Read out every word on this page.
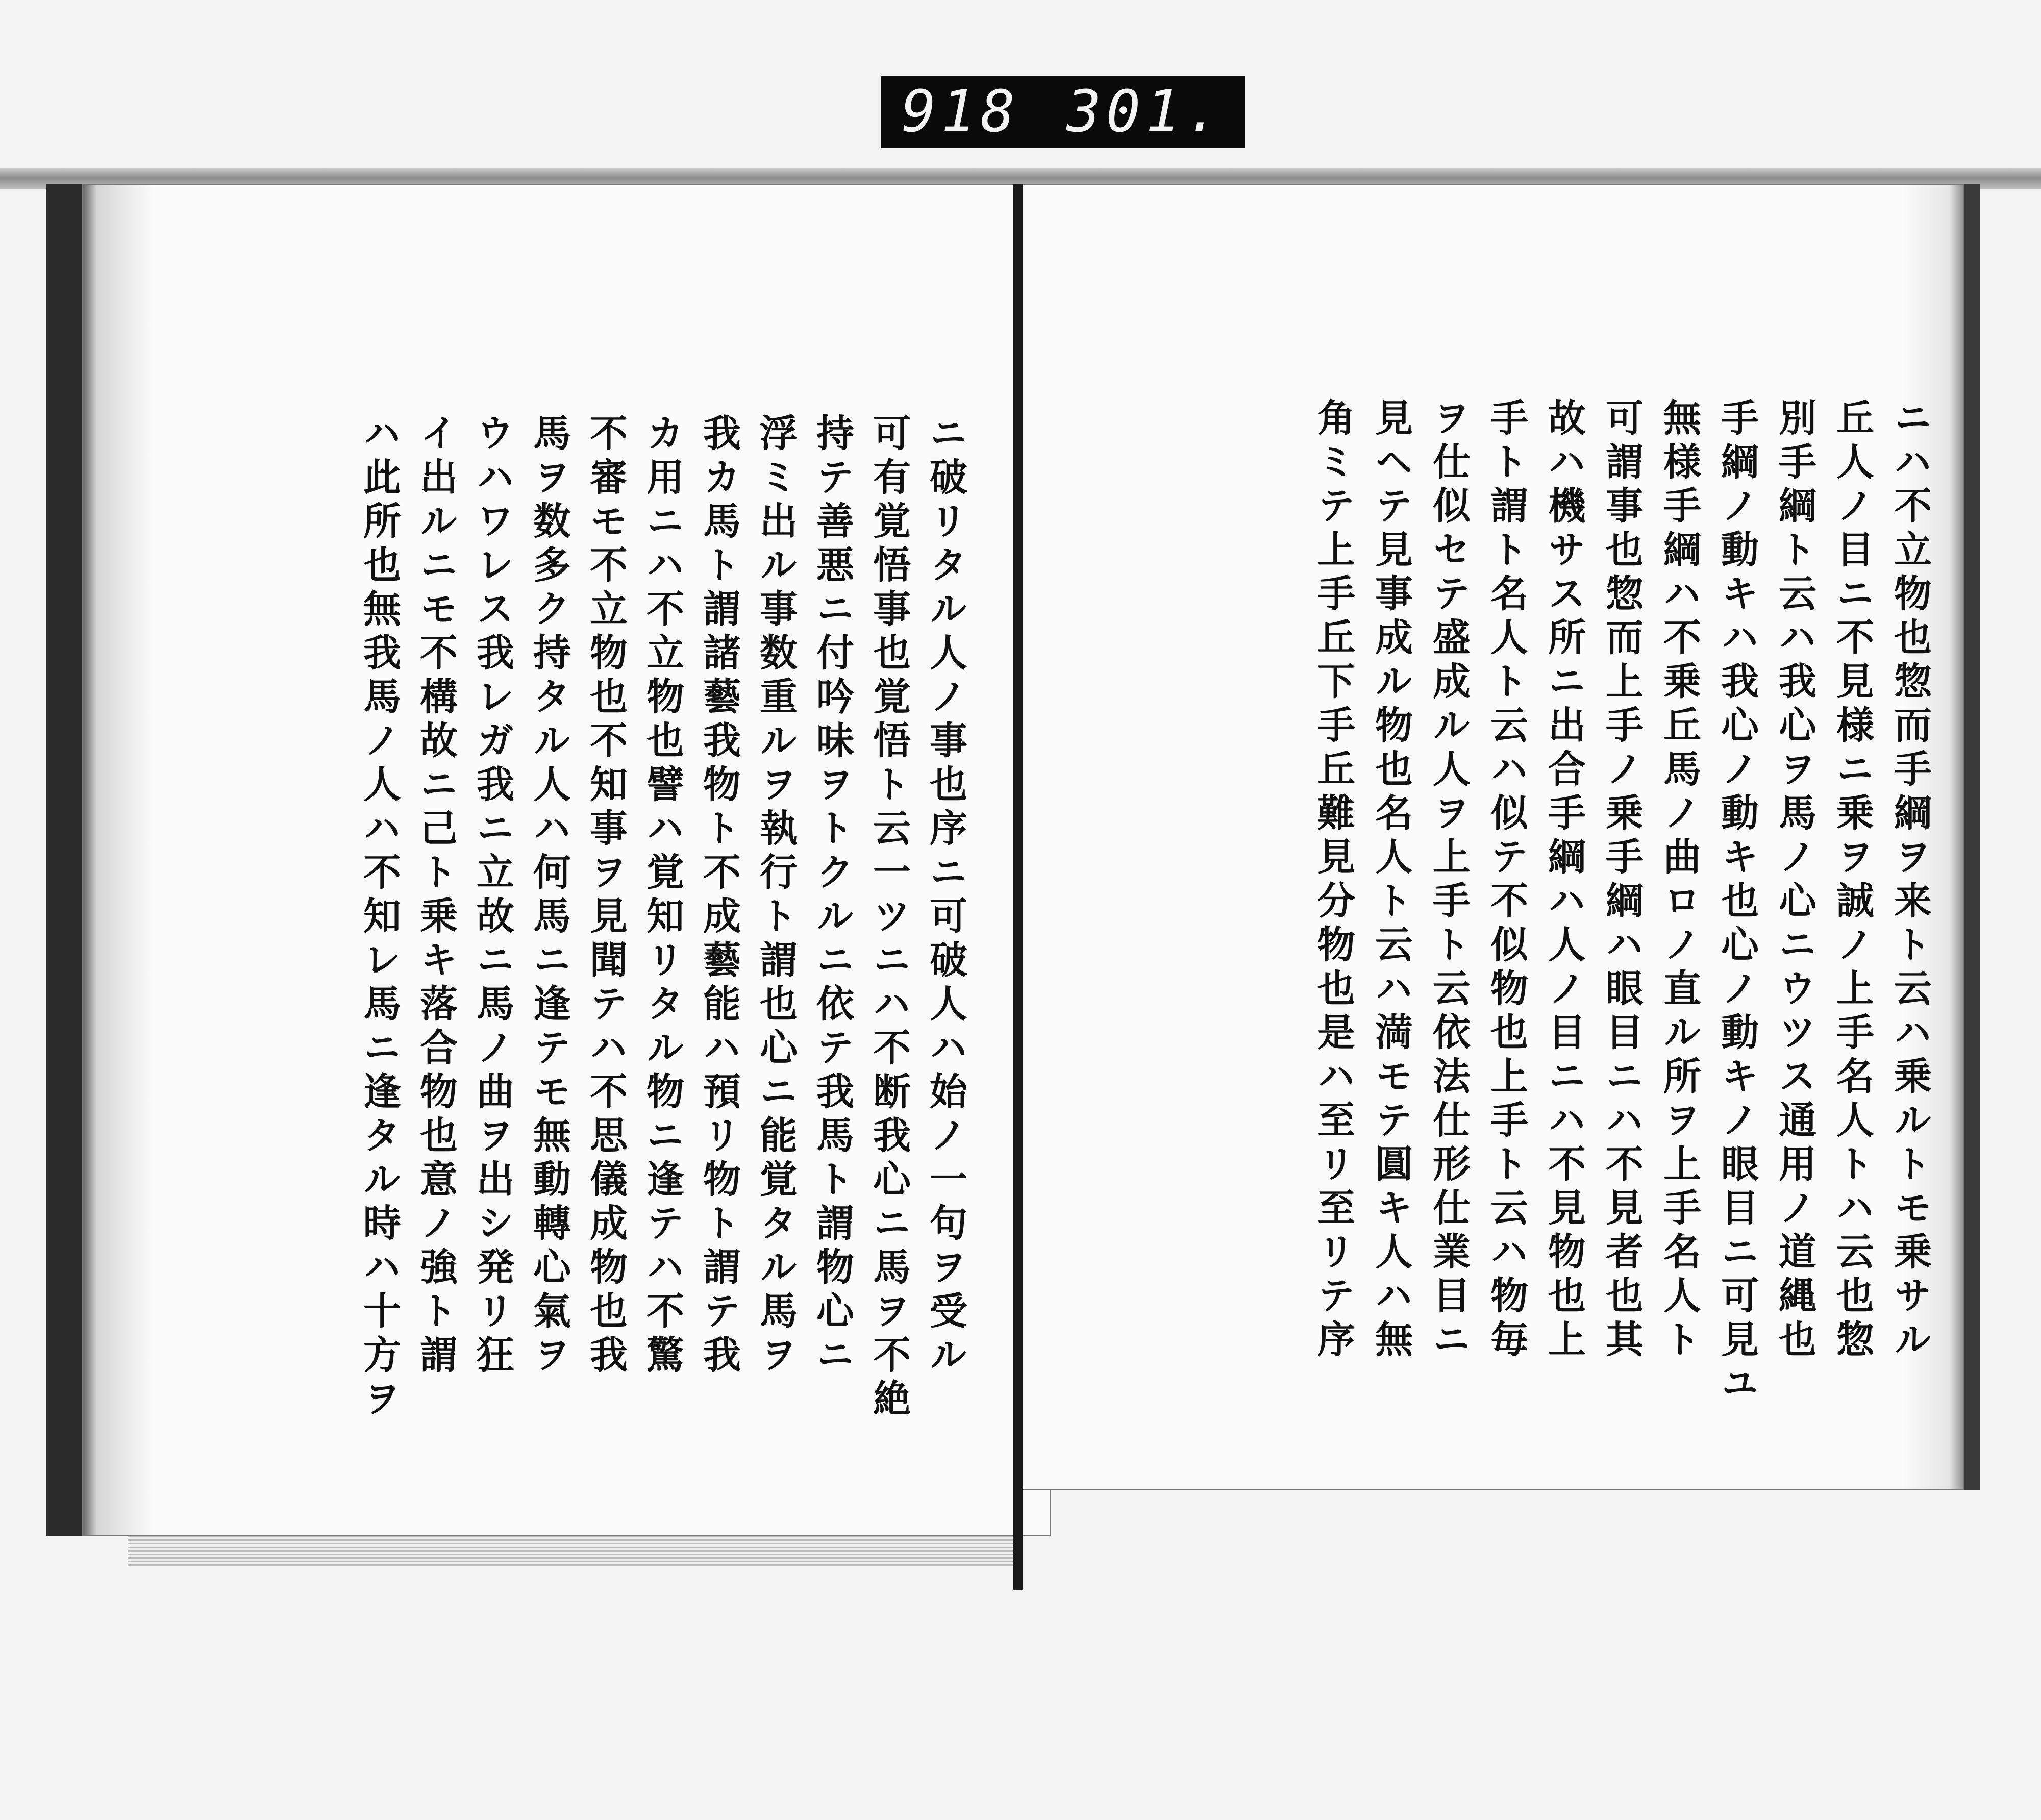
918 301.

ニ破リタル人ノ事也序ニ可破人ハ始ノ一句ヲ受ル

可有覚悟事也覚悟ト云一ツニハ不断我心ニ馬ヲ不絶

持テ善悪ニ付吟味ヲトクルニ依テ我馬ト謂物心ニ

浮ミ出ル事数重ルヲ執行ト謂也心ニ能覚タル馬ヲ

我カ馬ト謂諸藝我物ト不成藝能ハ預リ物ト謂テ我

カ用ニハ不立物也譬ハ覚知リタル物ニ逢テハ不驚

不審モ不立物也不知事ヲ見聞テハ不思儀成物也我

馬ヲ数多ク持タル人ハ何馬ニ逢テモ無動轉心氣ヲ

ウハワレス我レガ我ニ立故ニ馬ノ曲ヲ出シ発リ狂

イ出ルニモ不構故ニ己ト乗キ落合物也意ノ強ト謂

ハ此所也無我馬ノ人ハ不知レ馬ニ逢タル時ハ十方ヲ	ニハ不立物也惣而手綱ヲ来ト云ハ乗ルトモ乗サル

丘人ノ目ニ不見様ニ乗ヲ誠ノ上手名人トハ云也惣

別手綱ト云ハ我心ヲ馬ノ心ニウツス通用ノ道縄也

手綱ノ動キハ我心ノ動キ也心ノ動キノ眼目ニ可見ユ

無様手綱ハ不乗丘馬ノ曲ロノ直ル所ヲ上手名人ト

可謂事也惣而上手ノ乗手綱ハ眼目ニハ不見者也其

故ハ機サス所ニ出合手綱ハ人ノ目ニハ不見物也上

手ト謂ト名人ト云ハ似テ不似物也上手ト云ハ物毎

ヲ仕似セテ盛成ル人ヲ上手ト云依法仕形仕業目ニ

見ヘテ見事成ル物也名人ト云ハ満モテ圓キ人ハ無

角ミテ上手丘下手丘難見分物也是ハ至リ至リテ序
